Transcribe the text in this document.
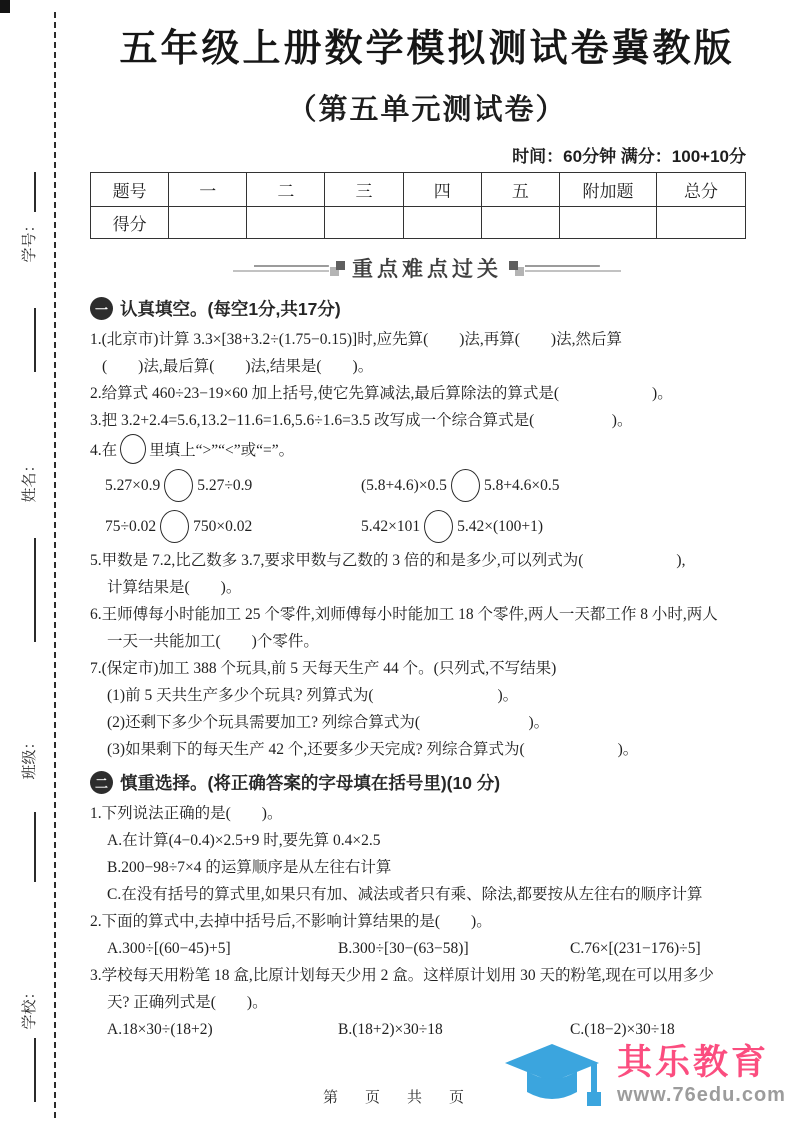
学号：
姓名：
班级：
学校：
五年级上册数学模拟测试卷冀教版
（第五单元测试卷）
时间：60分钟 满分：100+10分
题号	一	二	三	四	五	附加题	总分
得分							
重点难点过关
一 认真填空。(每空1分,共17分)
1.(北京市)计算 3.3×[38+3.2÷(1.75−0.15)]时,应先算(　　)法,再算(　　)法,然后算
(　　)法,最后算(　　)法,结果是(　　)。
2.给算式 460÷23−19×60 加上括号,使它先算减法,最后算除法的算式是(　　　　　　)。
3.把 3.2+2.4=5.6,13.2−11.6=1.6,5.6÷1.6=3.5 改写成一个综合算式是(　　　　　)。
4.在 里填上“>”“<”或“=”。
5.27×0.9 5.27÷0.9	(5.8+4.6)×0.5 5.8+4.6×0.5
75÷0.02 750×0.02	5.42×101 5.42×(100+1)
5.甲数是 7.2,比乙数多 3.7,要求甲数与乙数的 3 倍的和是多少,可以列式为(　　　　　　),
计算结果是(　　)。
6.王师傅每小时能加工 25 个零件,刘师傅每小时能加工 18 个零件,两人一天都工作 8 小时,两人
一天一共能加工(　　)个零件。
7.(保定市)加工 388 个玩具,前 5 天每天生产 44 个。(只列式,不写结果)
(1)前 5 天共生产多少个玩具? 列算式为(　　　　　　　　)。
(2)还剩下多少个玩具需要加工? 列综合算式为(　　　　　　　)。
(3)如果剩下的每天生产 42 个,还要多少天完成? 列综合算式为(　　　　　　)。
二 慎重选择。(将正确答案的字母填在括号里)(10 分)
1.下列说法正确的是(　　)。
A.在计算(4−0.4)×2.5+9 时,要先算 0.4×2.5
B.200−98÷7×4 的运算顺序是从左往右计算
C.在没有括号的算式里,如果只有加、减法或者只有乘、除法,都要按从左往右的顺序计算
2.下面的算式中,去掉中括号后,不影响计算结果的是(　　)。
A.300÷[(60−45)+5]	B.300÷[30−(63−58)]	C.76×[(231−176)÷5]
3.学校每天用粉笔 18 盒,比原计划每天少用 2 盒。这样原计划用 30 天的粉笔,现在可以用多少
天? 正确列式是(　　)。
A.18×30÷(18+2)	B.(18+2)×30÷18	C.(18−2)×30÷18
第　页　共　页
其乐教育
www.76edu.com
